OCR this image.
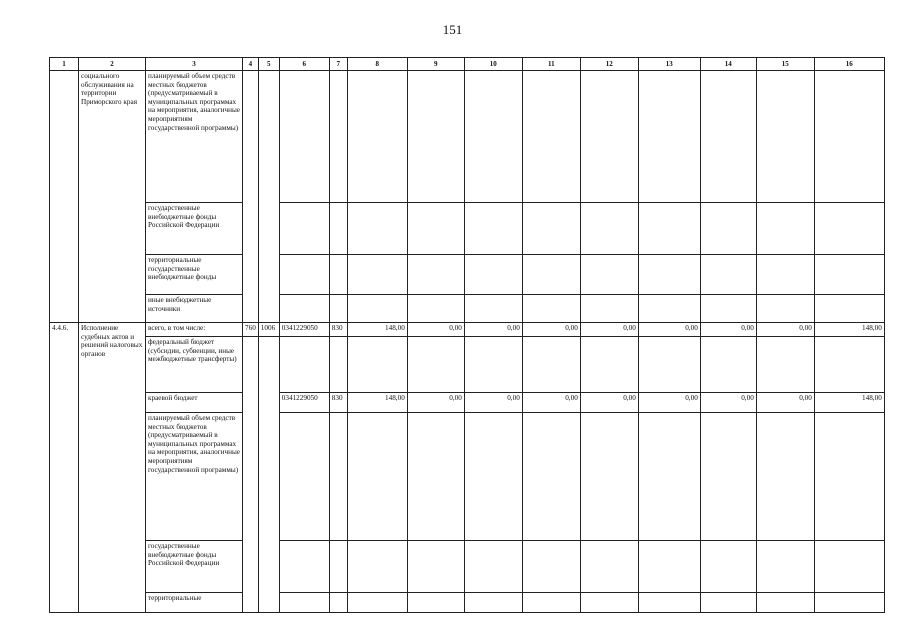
151
1	2	3	4	5	6	7	8	9	10	11	12	13	14	15	16
	социального обслуживания на территории Приморского края	планируемый объем средств местных бюджетов (предусматриваемый в муниципальных программах на мероприятия, аналогичные мероприятиям государственной программы)													
		государственные внебюджетные фонды Российской Федерации													
		территориальные государственные внебюджетные фонды													
		иные внебюджетные источники													
4.4.6.	Исполнение судебных актов и решений налоговых органов	всего, в том числе:	760	1006	0341229050	830	148,00	0,00	0,00	0,00	0,00	0,00	0,00	0,00	148,00
		федеральный бюджет (субсидии, субвенции, иные межбюджетные трансферты)													
		краевой бюджет			0341229050	830	148,00	0,00	0,00	0,00	0,00	0,00	0,00	0,00	148,00
		планируемый объем средств местных бюджетов (предусматриваемый в муниципальных программах на мероприятия, аналогичные мероприятиям государственной программы)													
		государственные внебюджетные фонды Российской Федерации													
		территориальные													
